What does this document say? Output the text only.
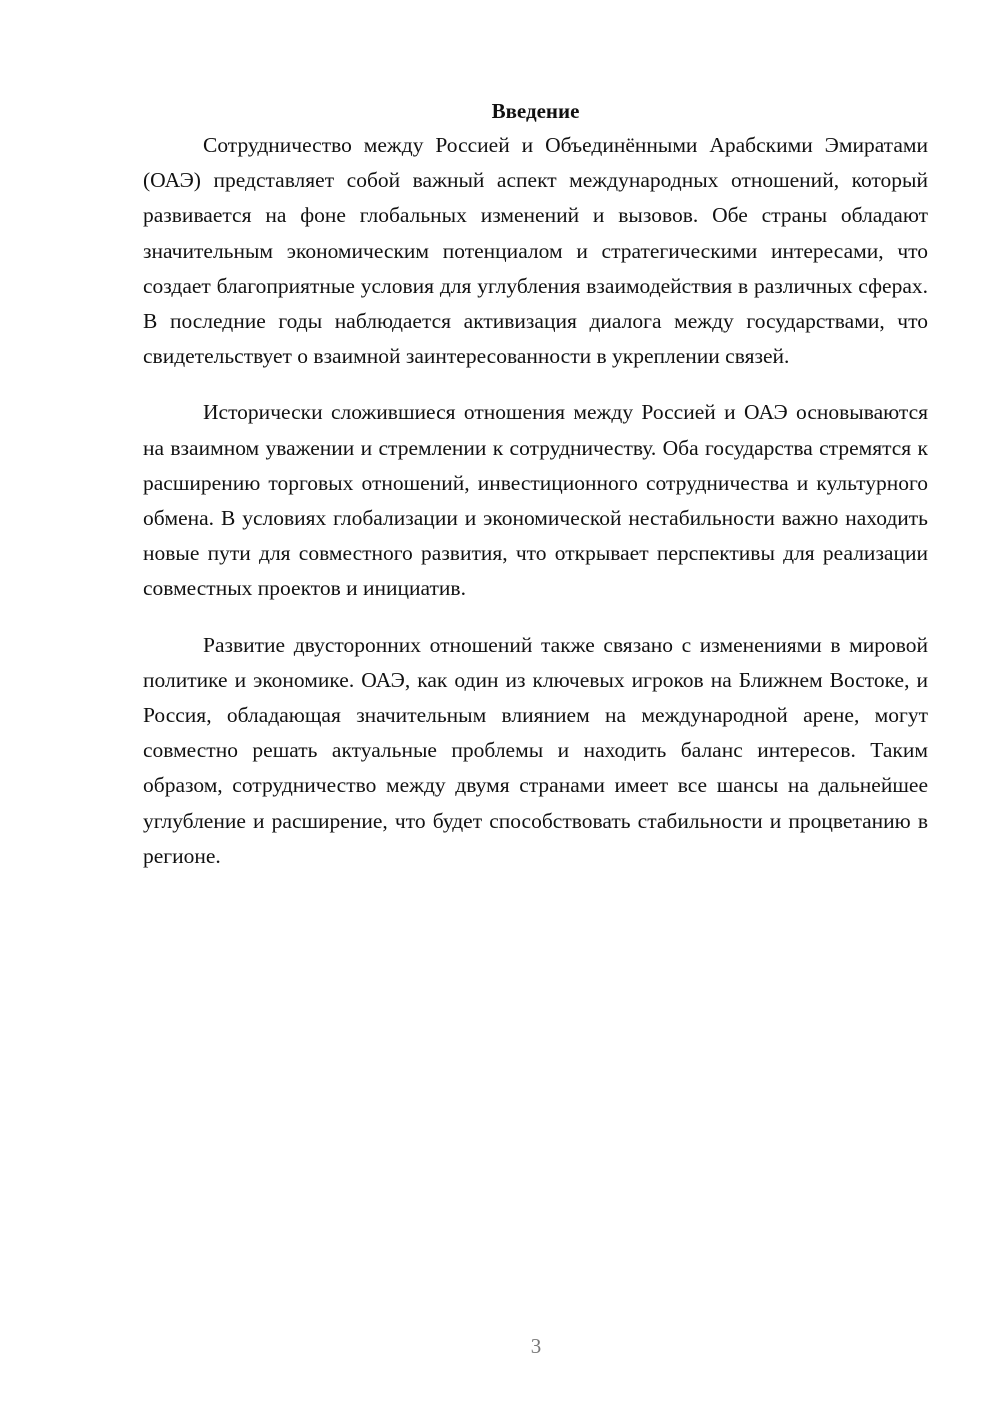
Введение

Сотрудничество между Россией и Объединёнными Арабскими Эмиратами (ОАЭ) представляет собой важный аспект международных отношений, который развивается на фоне глобальных изменений и вызовов. Обе страны обладают значительным экономическим потенциалом и стратегическими интересами, что создает благоприятные условия для углубления взаимодействия в различных сферах. В последние годы наблюдается активизация диалога между государствами, что свидетельствует о взаимной заинтересованности в укреплении связей.

Исторически сложившиеся отношения между Россией и ОАЭ основываются на взаимном уважении и стремлении к сотрудничеству. Оба государства стремятся к расширению торговых отношений, инвестиционного сотрудничества и культурного обмена. В условиях глобализации и экономической нестабильности важно находить новые пути для совместного развития, что открывает перспективы для реализации совместных проектов и инициатив.

Развитие двусторонних отношений также связано с изменениями в мировой политике и экономике. ОАЭ, как один из ключевых игроков на Ближнем Востоке, и Россия, обладающая значительным влиянием на международной арене, могут совместно решать актуальные проблемы и находить баланс интересов. Таким образом, сотрудничество между двумя странами имеет все шансы на дальнейшее углубление и расширение, что будет способствовать стабильности и процветанию в регионе.

3
